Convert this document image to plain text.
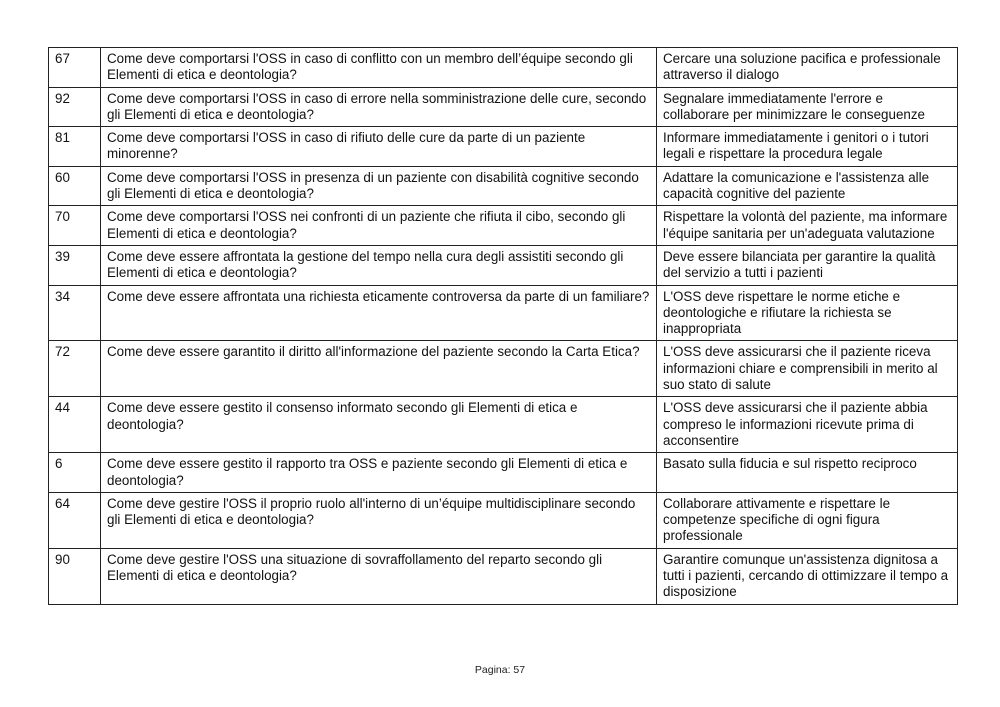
67	Come deve comportarsi l'OSS in caso di conflitto con un membro dell’équipe secondo gli Elementi di etica e deontologia?	Cercare una soluzione pacifica e professionale attraverso il dialogo
92	Come deve comportarsi l'OSS in caso di errore nella somministrazione delle cure, secondo gli Elementi di etica e deontologia?	Segnalare immediatamente l'errore e collaborare per minimizzare le conseguenze
81	Come deve comportarsi l'OSS in caso di rifiuto delle cure da parte di un paziente minorenne?	Informare immediatamente i genitori o i tutori legali e rispettare la procedura legale
60	Come deve comportarsi l'OSS in presenza di un paziente con disabilità cognitive secondo gli Elementi di etica e deontologia?	Adattare la comunicazione e l'assistenza alle capacità cognitive del paziente
70	Come deve comportarsi l'OSS nei confronti di un paziente che rifiuta il cibo, secondo gli Elementi di etica e deontologia?	Rispettare la volontà del paziente, ma informare l'équipe sanitaria per un'adeguata valutazione
39	Come deve essere affrontata la gestione del tempo nella cura degli assistiti secondo gli Elementi di etica e deontologia?	Deve essere bilanciata per garantire la qualità del servizio a tutti i pazienti
34	Come deve essere affrontata una richiesta eticamente controversa da parte di un familiare?	L'OSS deve rispettare le norme etiche e deontologiche e rifiutare la richiesta se inappropriata
72	Come deve essere garantito il diritto all'informazione del paziente secondo la Carta Etica?	L'OSS deve assicurarsi che il paziente riceva informazioni chiare e comprensibili in merito al suo stato di salute
44	Come deve essere gestito il consenso informato secondo gli Elementi di etica e deontologia?	L'OSS deve assicurarsi che il paziente abbia compreso le informazioni ricevute prima di acconsentire
6	Come deve essere gestito il rapporto tra OSS e paziente secondo gli Elementi di etica e deontologia?	Basato sulla fiducia e sul rispetto reciproco
64	Come deve gestire l'OSS il proprio ruolo all'interno di un’équipe multidisciplinare secondo gli Elementi di etica e deontologia?	Collaborare attivamente e rispettare le competenze specifiche di ogni figura professionale
90	Come deve gestire l'OSS una situazione di sovraffollamento del reparto secondo gli Elementi di etica e deontologia?	Garantire comunque un'assistenza dignitosa a tutti i pazienti, cercando di ottimizzare il tempo a disposizione
Pagina: 57
